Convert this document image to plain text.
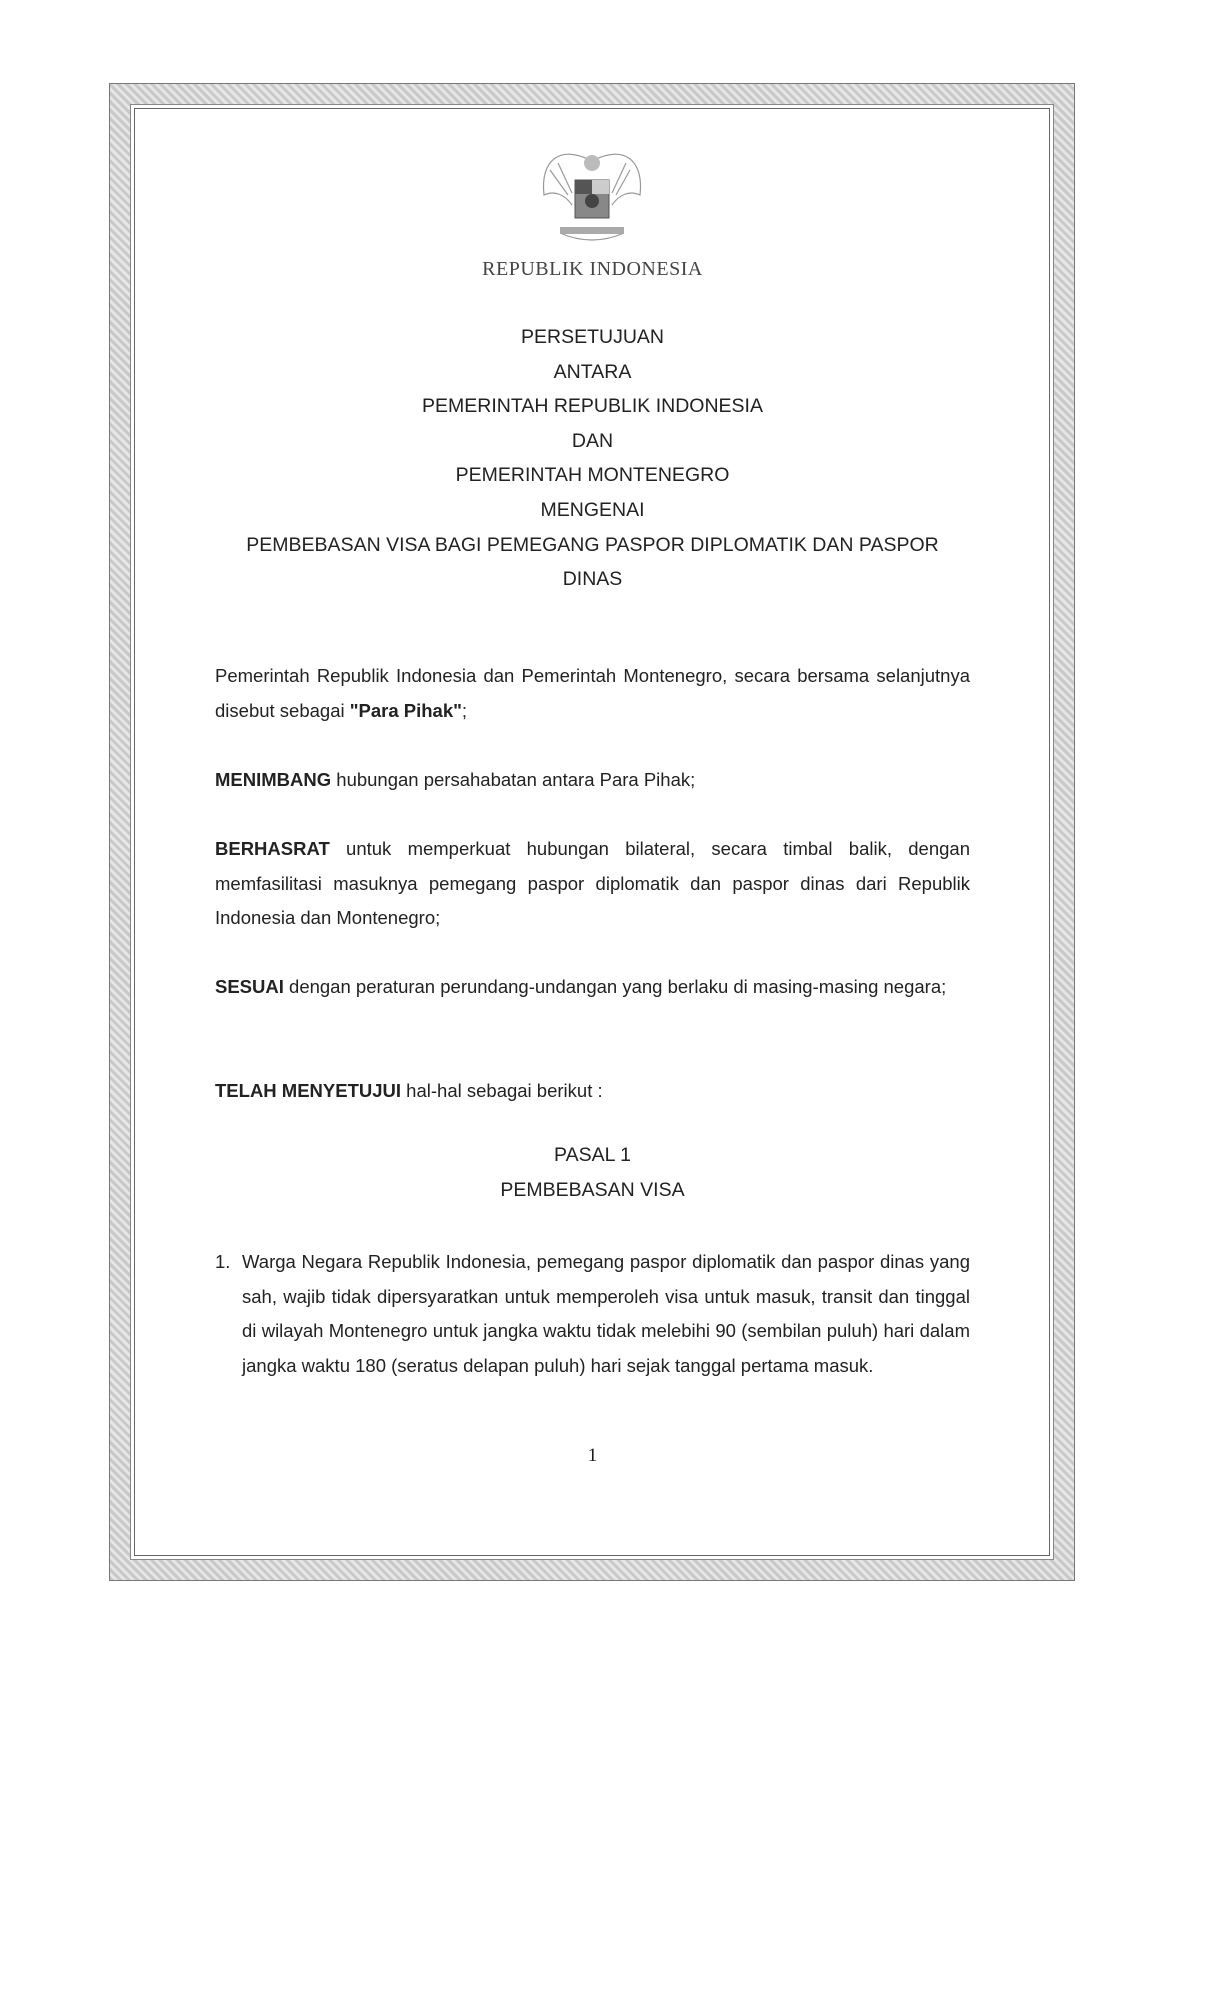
REPUBLIK INDONESIA
PERSETUJUAN
ANTARA
PEMERINTAH REPUBLIK INDONESIA
DAN
PEMERINTAH MONTENEGRO
MENGENAI
PEMBEBASAN VISA BAGI PEMEGANG PASPOR DIPLOMATIK DAN PASPOR DINAS
Pemerintah Republik Indonesia dan Pemerintah Montenegro, secara bersama selanjutnya disebut sebagai "Para Pihak";
MENIMBANG hubungan persahabatan antara Para Pihak;
BERHASRAT untuk memperkuat hubungan bilateral, secara timbal balik, dengan memfasilitasi masuknya pemegang paspor diplomatik dan paspor dinas dari Republik Indonesia dan Montenegro;
SESUAI dengan peraturan perundang-undangan yang berlaku di masing-masing negara;
TELAH MENYETUJUI hal-hal sebagai berikut :
PASAL 1
PEMBEBASAN VISA
1. Warga Negara Republik Indonesia, pemegang paspor diplomatik dan paspor dinas yang sah, wajib tidak dipersyaratkan untuk memperoleh visa untuk masuk, transit dan tinggal di wilayah Montenegro untuk jangka waktu tidak melebihi 90 (sembilan puluh) hari dalam jangka waktu 180 (seratus delapan puluh) hari sejak tanggal pertama masuk.
1
